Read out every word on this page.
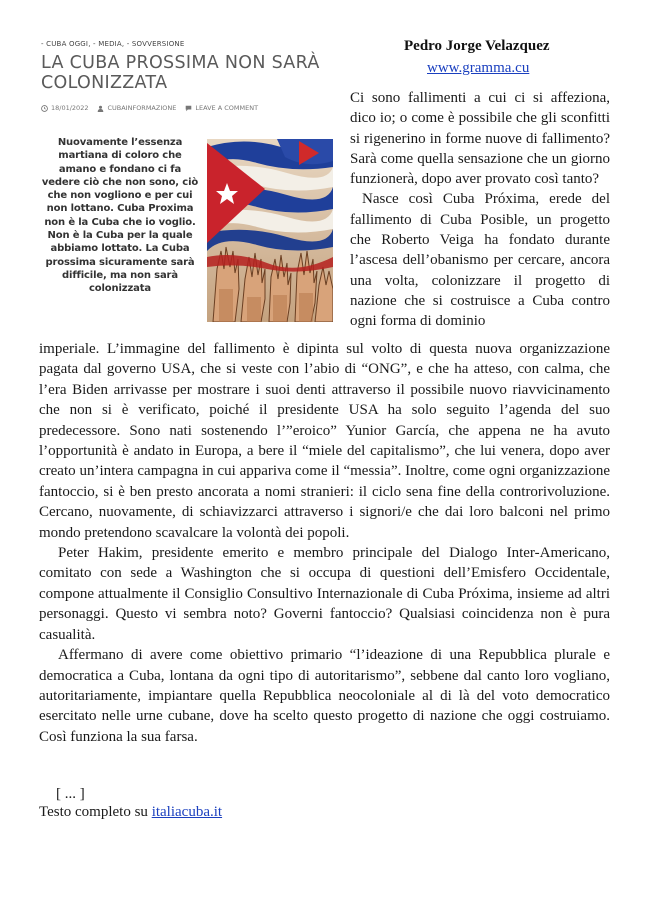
- CUBA OGGI, - MEDIA, - SOVVERSIONE
LA CUBA PROSSIMA NON SARÀ COLONIZZATA
18/01/2022	CUBAINFORMAZIONE	LEAVE A COMMENT
Nuovamente l’essenza martiana di coloro che amano e fondano ci fa vedere ciò che non sono, ciò che non vogliono e per cui non lottano. Cuba Proxima non è la Cuba che io voglio. Non è la Cuba per la quale abbiamo lottato. La Cuba prossima sicuramente sarà difficile, ma non sarà colonizzata
Pedro Jorge Velazquez
www.gramma.cu

Ci sono fallimenti a cui ci si affeziona, dico io; o come è possibile che gli sconfitti si rigenerino in forme nuove di fallimento? Sarà come quella sensazione che un giorno funzionerà, dopo aver provato così tanto?

Nasce così Cuba Próxima, erede del fallimento di Cuba Posible, un progetto che Roberto Veiga ha fondato durante l’ascesa dell’obanismo per cercare, ancora una volta, colonizzare il progetto di nazione che si costruisce a Cuba contro ogni forma di dominio

imperiale. L’immagine del fallimento è dipinta sul volto di questa nuova organizzazione pagata dal governo USA, che si veste con l’abio di “ONG”, e che ha atteso, con calma, che l’era Biden arrivasse per mostrare i suoi denti attraverso il possibile nuovo riavvicinamento che non si è verificato, poiché il presidente USA ha solo seguito l’agenda del suo predecessore. Sono nati sostenendo l’”eroico” Yunior García, che appena ne ha avuto l’opportunità è andato in Europa, a bere il “miele del capitalismo”, che lui venera, dopo aver creato un’intera campagna in cui appariva come il “messia”. Inoltre, come ogni organizzazione fantoccio, si è ben presto ancorata a nomi stranieri: il ciclo sena fine della controrivoluzione. Cercano, nuovamente, di schiavizzarci attraverso i signori/e che dai loro balconi nel primo mondo pretendono scavalcare la volontà dei popoli.

Peter Hakim, presidente emerito e membro principale del Dialogo Inter-Americano, comitato con sede a Washington che si occupa di questioni dell’Emisfero Occidentale, compone attualmente il Consiglio Consultivo Internazionale di Cuba Próxima, insieme ad altri personaggi. Questo vi sembra noto? Governi fantoccio? Qualsiasi coincidenza non è pura casualità.

Affermano di avere come obiettivo primario “l’ideazione di una Repubblica plurale e democratica a Cuba, lontana da ogni tipo di autoritarismo”, sebbene dal canto loro vogliano, autoritariamente, impiantare quella Repubblica neocoloniale al di là del voto democratico esercitato nelle urne cubane, dove ha scelto questo progetto di nazione che oggi costruiamo. Così funziona la sua farsa.

[ ... ]
Testo completo su italiacuba.it
